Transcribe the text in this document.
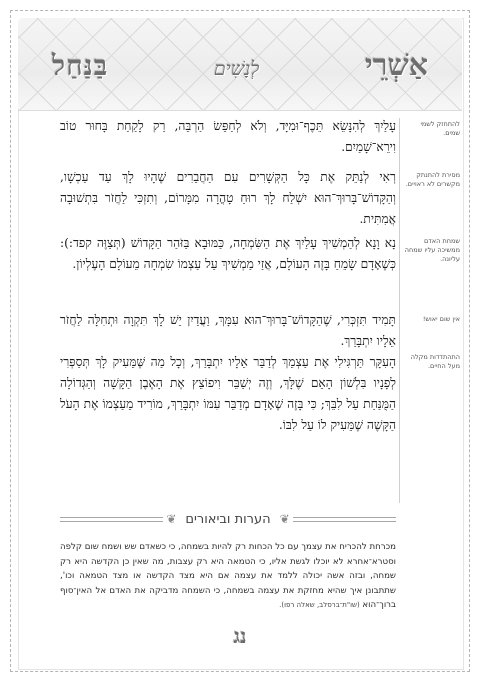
אַשְׁרֵי
לְנָשִׁים
בַּנַּחַל
להתחזק לשמי שמים.
מסירת להתנתק מקשרים לא ראויים.
שמחת האדם ממשיכה עליו שמחה עליונה.
אין שום יאוש!
התהתדדות מקלה מעל החיים.
עָלַיִךְ לְהִנָּשֵׂא תֵּכֶף־וּמִיָּד, וְלֹא לְחַפֵּשׂ הַרְבֵּה, רַק לָקַחַת בָּחוּר טוֹב וִירֵא־שָׁמַיִם.
רְאִי לְנַתֵּק אֶת כָּל הַקְּשָׁרִים עִם הַחֲבֵרִים שֶׁהָיוּ לָךְ עַד עַכְשָׁו, וְהַקָּדוֹשׁ־בָּרוּךְ־הוּא יִשְׁלַח לָךְ רוּחַ טָהֳרָה מִמָּרוֹם, וְתִזְכִּי לַחֲזֹר בִּתְשׁוּבָה אֲמִתִּית.
נָא וָנָא לְהַמְשִׁיךְ עָלַיִךְ אֶת הַשִּׂמְחָה, כַּמּוּבָא בַּזֹּהַר הַקָּדוֹשׁ (תְּצַוֶּה קפד:): כְּשֶׁאָדָם שָׂמֵחַ בָּזֶה הָעוֹלָם, אֲזַי מַמְשִׁיךְ עַל עַצְמוֹ שִׂמְחָה מֵעוֹלָם הָעֶלְיוֹן.
תָּמִיד תִּזְכְּרִי, שֶׁהַקָּדוֹשׁ־בָּרוּךְ־הוּא עִמָּךְ, וַעֲדַיִן יֵשׁ לָךְ תִּקְוָה וּתְחִלָּה לַחֲזֹר אֵלָיו יִתְבָּרַךְ.
הָעִקָּר תַּרְגִּילִי אֶת עַצְמֵךְ לְדַבֵּר אֵלָיו יִתְבָּרַךְ, וְכָל מַה שֶּׁמֵּעִיק לָךְ תְּסַפְּרִי לְפָנָיו בִּלְשׁוֹן הָאֵם שֶׁלָּךְ, וְזֶה יְשַׁבֵּר וִיפוֹצֵץ אֶת הָאֶבֶן הַקָּשָׁה וְהַגְּדוֹלָה הַמֻּנַּחַת עַל לִבֵּךְ; כִּי בָּזֶה שֶׁאָדָם מְדַבֵּר עִמּוֹ יִתְבָּרַךְ, מוֹרִיד מֵעַצְמוֹ אֶת הָעֹל הַקָּשֶׁה שֶׁמֵּעִיק לוֹ עַל לִבּוֹ.
❦ הערות וביאורים ❦
מכרחת להכריח את עצמך עם כל הכחות רק להיות בשמחה, כי כשאדם שש ושמח שום קלפה וסטרא־אחרא לא יוכלו לגשת אליו, כי הטמאה היא רק עצבות, מה שאין כן הקדשה היא רק שמחה, ובזה אשה יכולה ללמד את עצמה אם היא מצד הקדשה או מצד הטמאה וכו', שתתבונן איך שהיא מחזקת את עצמה בשמחה, כי השמחה מדביקה את האדם אל האין־סוף ברוך־הוא (שו"ת־ברסלב, שאלה רפו).
נג
